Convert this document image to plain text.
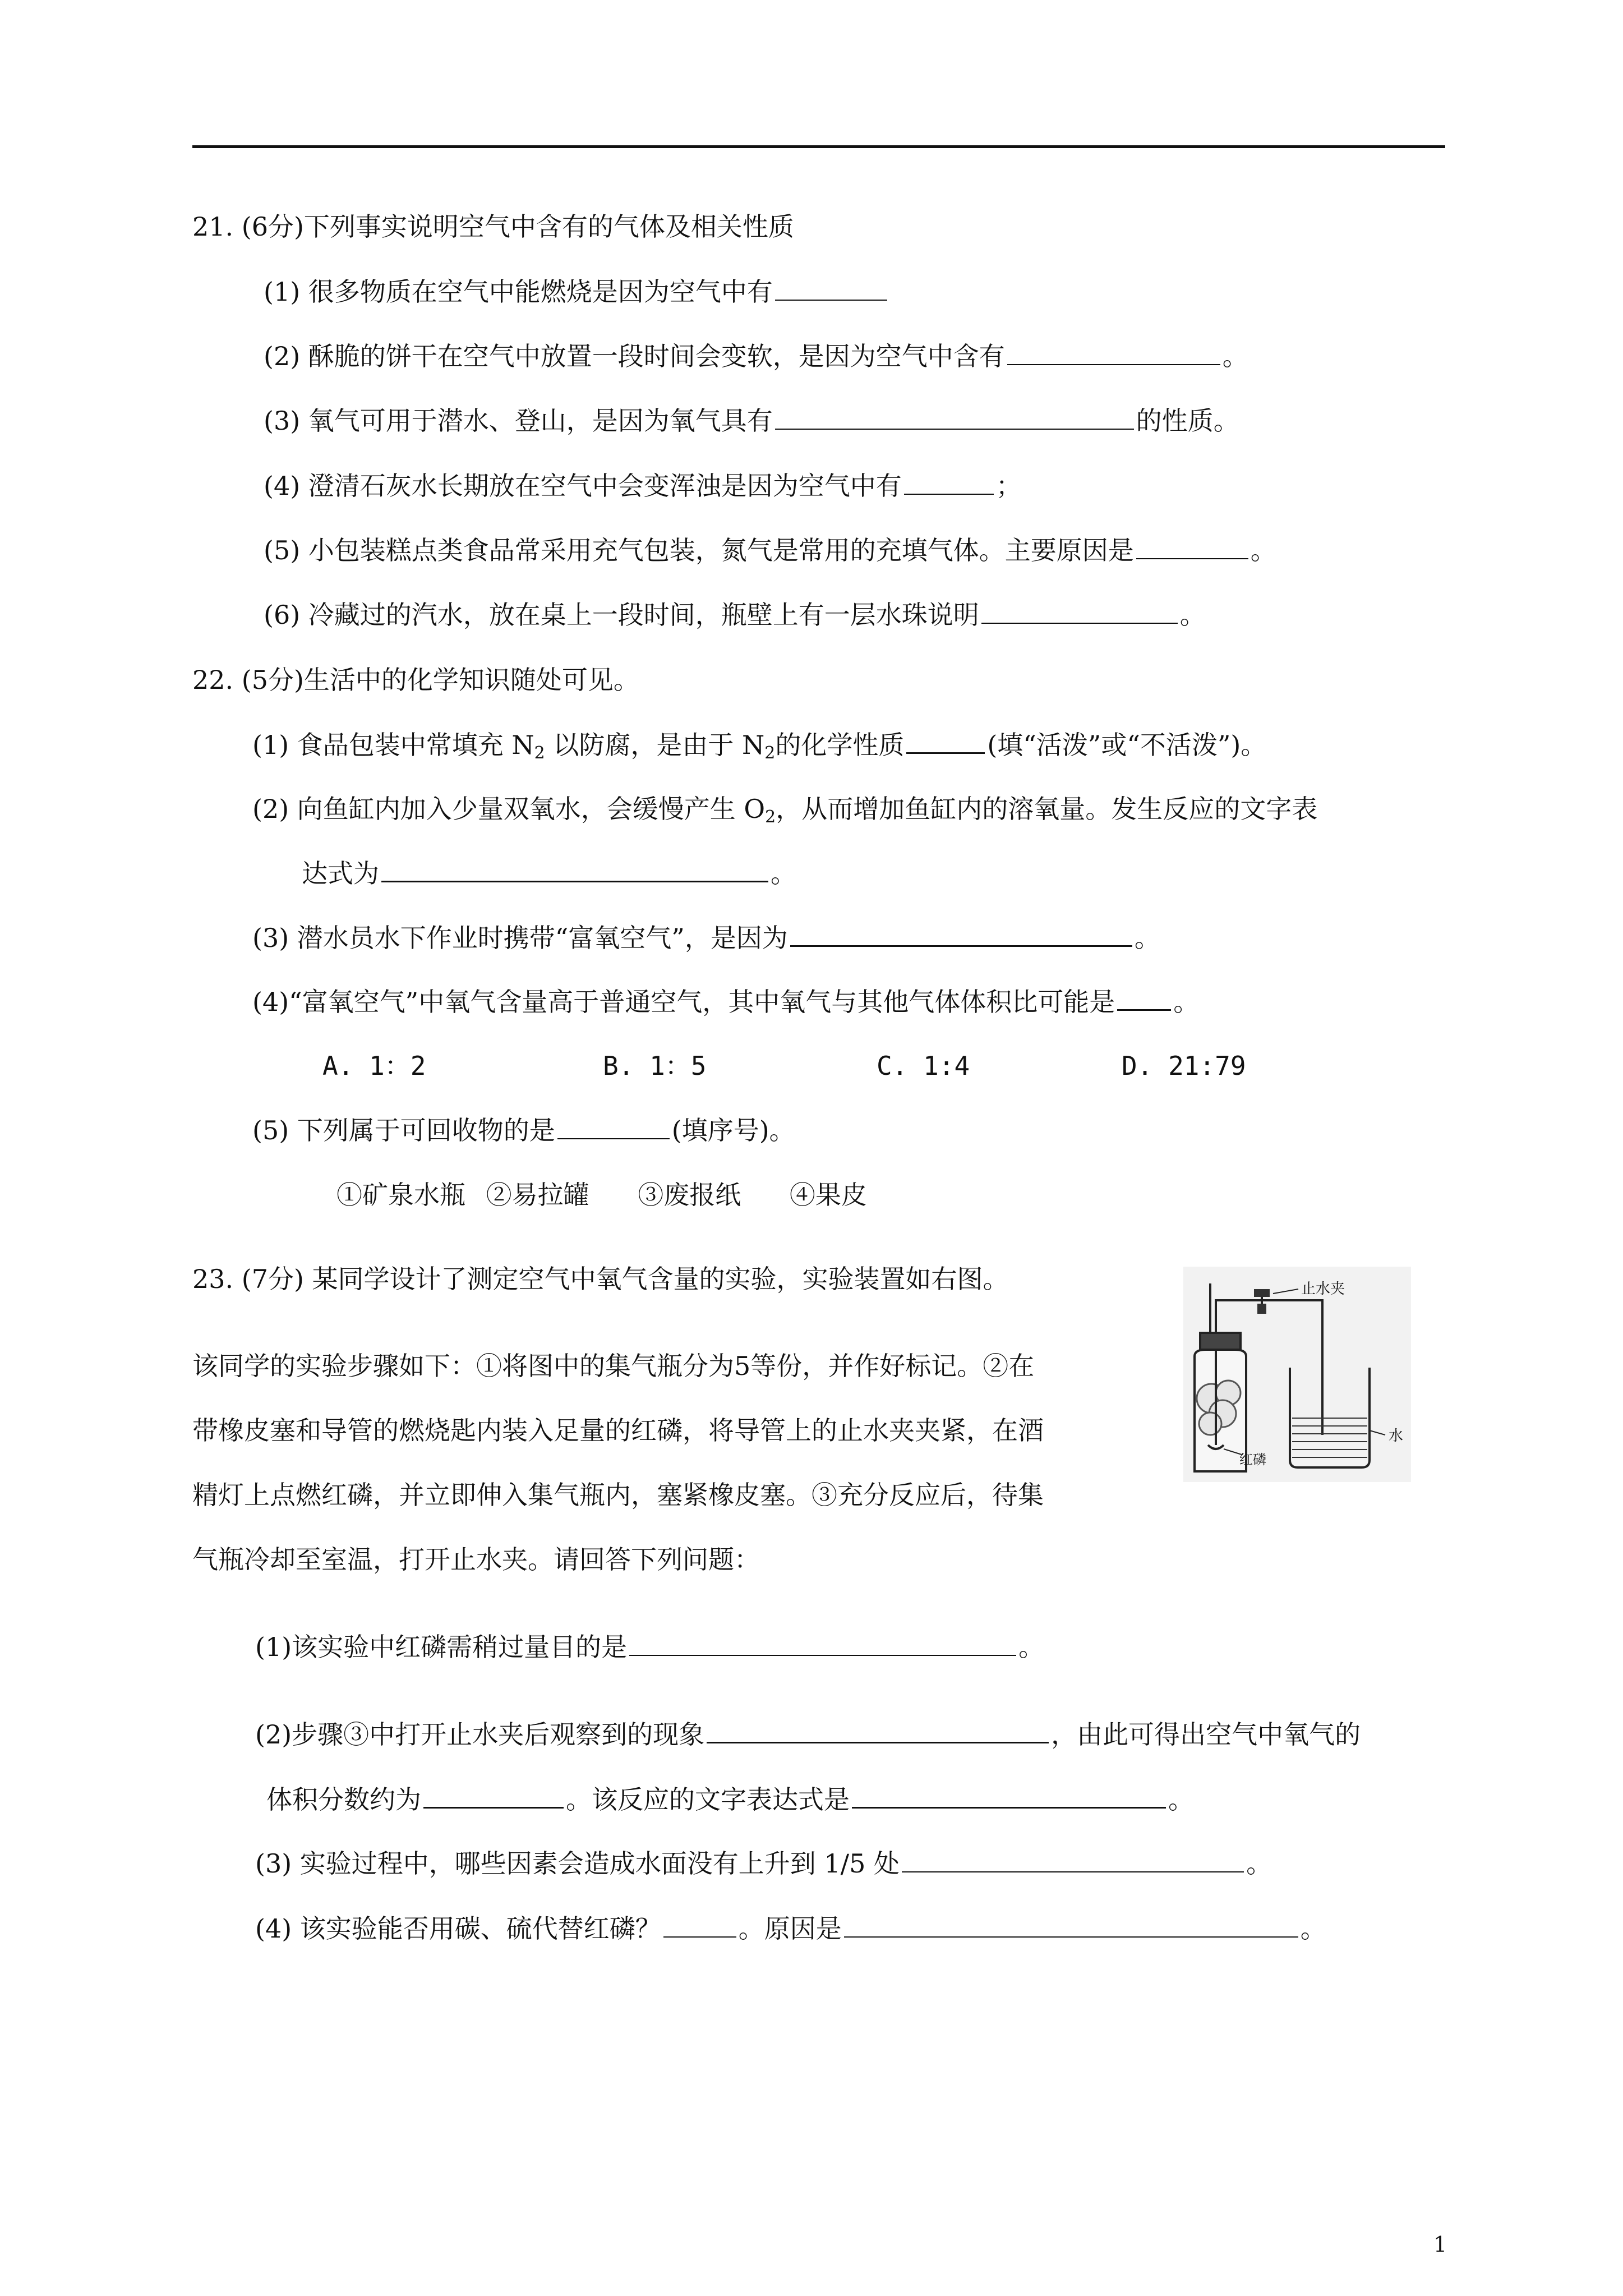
21. (6分)下列事实说明空气中含有的气体及相关性质
(1) 很多物质在空气中能燃烧是因为空气中有
(2) 酥脆的饼干在空气中放置一段时间会变软，是因为空气中含有	。
(3) 氧气可用于潜水、登山，是因为氧气具有	的性质。
(4) 澄清石灰水长期放在空气中会变浑浊是因为空气中有	；
(5) 小包装糕点类食品常采用充气包装，氮气是常用的充填气体。主要原因是	。
(6) 冷藏过的汽水，放在桌上一段时间，瓶壁上有一层水珠说明	。
22. (5分)生活中的化学知识随处可见。
(1) 食品包装中常填充 $N_2$ 以防腐，是由于 $N_2$的化学性质	(填“活泼”或“不活泼”)。
(2) 向鱼缸内加入少量双氧水，会缓慢产生 $O_2$，从而增加鱼缸内的溶氧量。发生反应的文字表
达式为	。
(3) 潜水员水下作业时携带“富氧空气”，是因为	。
(4)“富氧空气”中氧气含量高于普通空气，其中氧气与其他气体体积比可能是 。
A. 1：2	B. 1：5	C. 1:4	D. 21:79
(5) 下列属于可回收物的是	(填序号)。
①矿泉水瓶 ②易拉罐 ③废报纸 ④果皮
23. (7分) 某同学设计了测定空气中氧气含量的实验，实验装置如右图。
该同学的实验步骤如下：①将图中的集气瓶分为5等份，并作好标记。②在
带橡皮塞和导管的燃烧匙内装入足量的红磷，将导管上的止水夹夹紧，在酒
精灯上点燃红磷，并立即伸入集气瓶内，塞紧橡皮塞。③充分反应后，待集
气瓶冷却至室温，打开止水夹。请回答下列问题：
(1)该实验中红磷需稍过量目的是	。
(2)步骤③中打开止水夹后观察到的现象	，由此可得出空气中氧气的
体积分数约为	。该反应的文字表达式是	。
(3) 实验过程中，哪些因素会造成水面没有上升到 1/5 处	。
(4) 该实验能否用碳、硫代替红磷？	。原因是	。
止水夹
红磷
水
1
